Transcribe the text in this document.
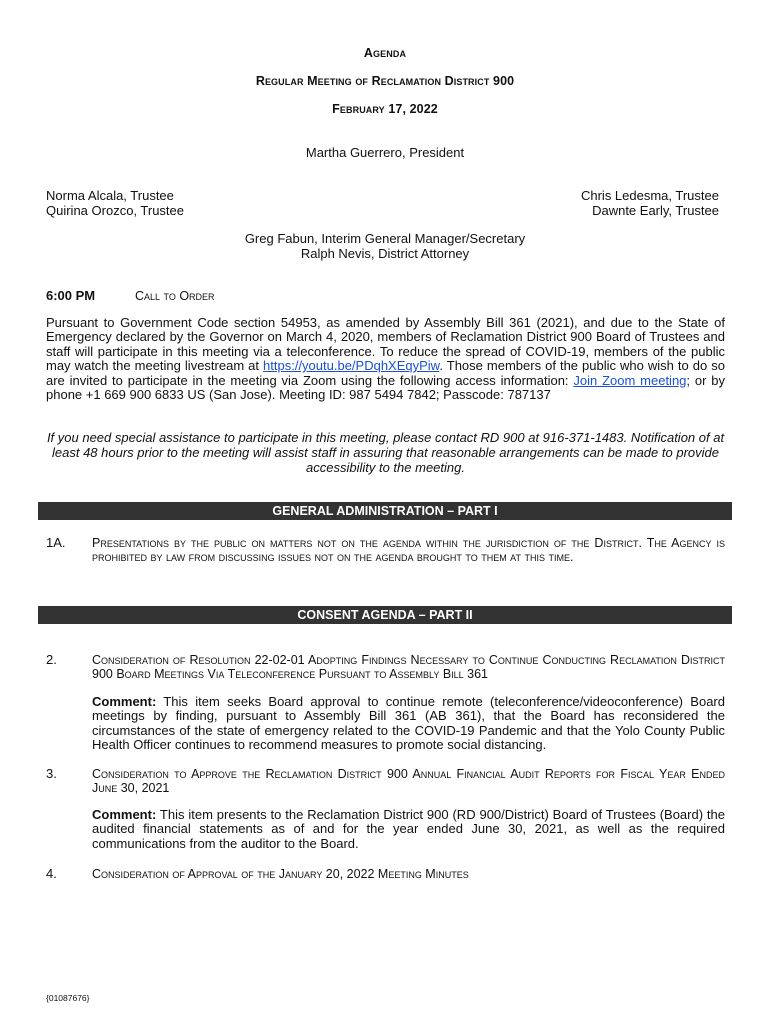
Agenda
Regular Meeting of Reclamation District 900
February 17, 2022
Martha Guerrero, President
Norma Alcala, Trustee
Quirina Orozco, Trustee
Chris Ledesma, Trustee
Dawnte Early, Trustee
Greg Fabun, Interim General Manager/Secretary
Ralph Nevis, District Attorney
6:00 PM	Call to Order
Pursuant to Government Code section 54953, as amended by Assembly Bill 361 (2021), and due to the State of Emergency declared by the Governor on March 4, 2020, members of Reclamation District 900 Board of Trustees and staff will participate in this meeting via a teleconference. To reduce the spread of COVID-19, members of the public may watch the meeting livestream at https://youtu.be/PDqhXEqyPiw. Those members of the public who wish to do so are invited to participate in the meeting via Zoom using the following access information: Join Zoom meeting; or by phone +1 669 900 6833 US (San Jose). Meeting ID: 987 5494 7842; Passcode: 787137
If you need special assistance to participate in this meeting, please contact RD 900 at 916-371-1483. Notification of at least 48 hours prior to the meeting will assist staff in assuring that reasonable arrangements can be made to provide accessibility to the meeting.
GENERAL ADMINISTRATION – PART I
1A. Presentations by the public on matters not on the agenda within the jurisdiction of the District. The Agency is prohibited by law from discussing issues not on the agenda brought to them at this time.
CONSENT AGENDA – PART II
2.	Consideration of Resolution 22-02-01 Adopting Findings Necessary to Continue Conducting Reclamation District 900 Board Meetings Via Teleconference Pursuant to Assembly Bill 361
Comment: This item seeks Board approval to continue remote (teleconference/videoconference) Board meetings by finding, pursuant to Assembly Bill 361 (AB 361), that the Board has reconsidered the circumstances of the state of emergency related to the COVID-19 Pandemic and that the Yolo County Public Health Officer continues to recommend measures to promote social distancing.
3.	Consideration to Approve the Reclamation District 900 Annual Financial Audit Reports for Fiscal Year Ended June 30, 2021
Comment: This item presents to the Reclamation District 900 (RD 900/District) Board of Trustees (Board) the audited financial statements as of and for the year ended June 30, 2021, as well as the required communications from the auditor to the Board.
4.	Consideration of Approval of the January 20, 2022 Meeting Minutes
{01087676}
